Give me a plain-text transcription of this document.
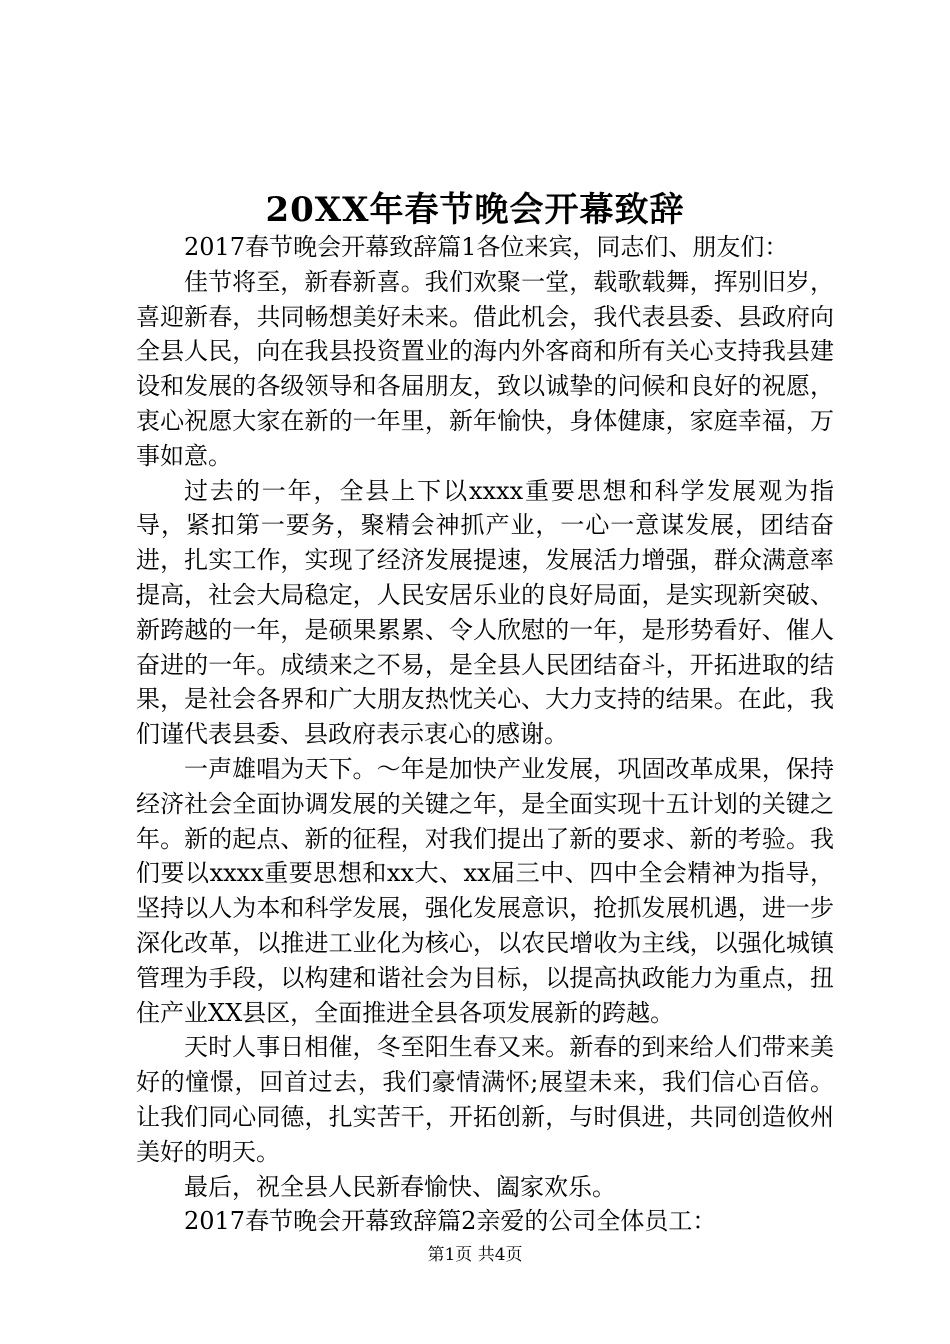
20XX年春节晚会开幕致辞

2017春节晚会开幕致辞篇1各位来宾，同志们、朋友们：

佳节将至，新春新喜。我们欢聚一堂，载歌载舞，挥别旧岁，喜迎新春，共同畅想美好未来。借此机会，我代表县委、县政府向全县人民，向在我县投资置业的海内外客商和所有关心支持我县建设和发展的各级领导和各届朋友，致以诚挚的问候和良好的祝愿，衷心祝愿大家在新的一年里，新年愉快，身体健康，家庭幸福，万事如意。

过去的一年，全县上下以xxxx重要思想和科学发展观为指导，紧扣第一要务，聚精会神抓产业，一心一意谋发展，团结奋进，扎实工作，实现了经济发展提速，发展活力增强，群众满意率提高，社会大局稳定，人民安居乐业的良好局面，是实现新突破、新跨越的一年，是硕果累累、令人欣慰的一年，是形势看好、催人奋进的一年。成绩来之不易，是全县人民团结奋斗，开拓进取的结果，是社会各界和广大朋友热忱关心、大力支持的结果。在此，我们谨代表县委、县政府表示衷心的感谢。

一声雄唱为天下。～年是加快产业发展，巩固改革成果，保持经济社会全面协调发展的关键之年，是全面实现十五计划的关键之年。新的起点、新的征程，对我们提出了新的要求、新的考验。我们要以xxxx重要思想和xx大、xx届三中、四中全会精神为指导，坚持以人为本和科学发展，强化发展意识，抢抓发展机遇，进一步深化改革，以推进工业化为核心，以农民增收为主线，以强化城镇管理为手段，以构建和谐社会为目标，以提高执政能力为重点，扭住产业XX县区，全面推进全县各项发展新的跨越。

天时人事日相催，冬至阳生春又来。新春的到来给人们带来美好的憧憬，回首过去，我们豪情满怀;展望未来，我们信心百倍。让我们同心同德，扎实苦干，开拓创新，与时俱进，共同创造攸州美好的明天。

最后，祝全县人民新春愉快、阖家欢乐。

2017春节晚会开幕致辞篇2亲爱的公司全体员工：

第1页 共4页
